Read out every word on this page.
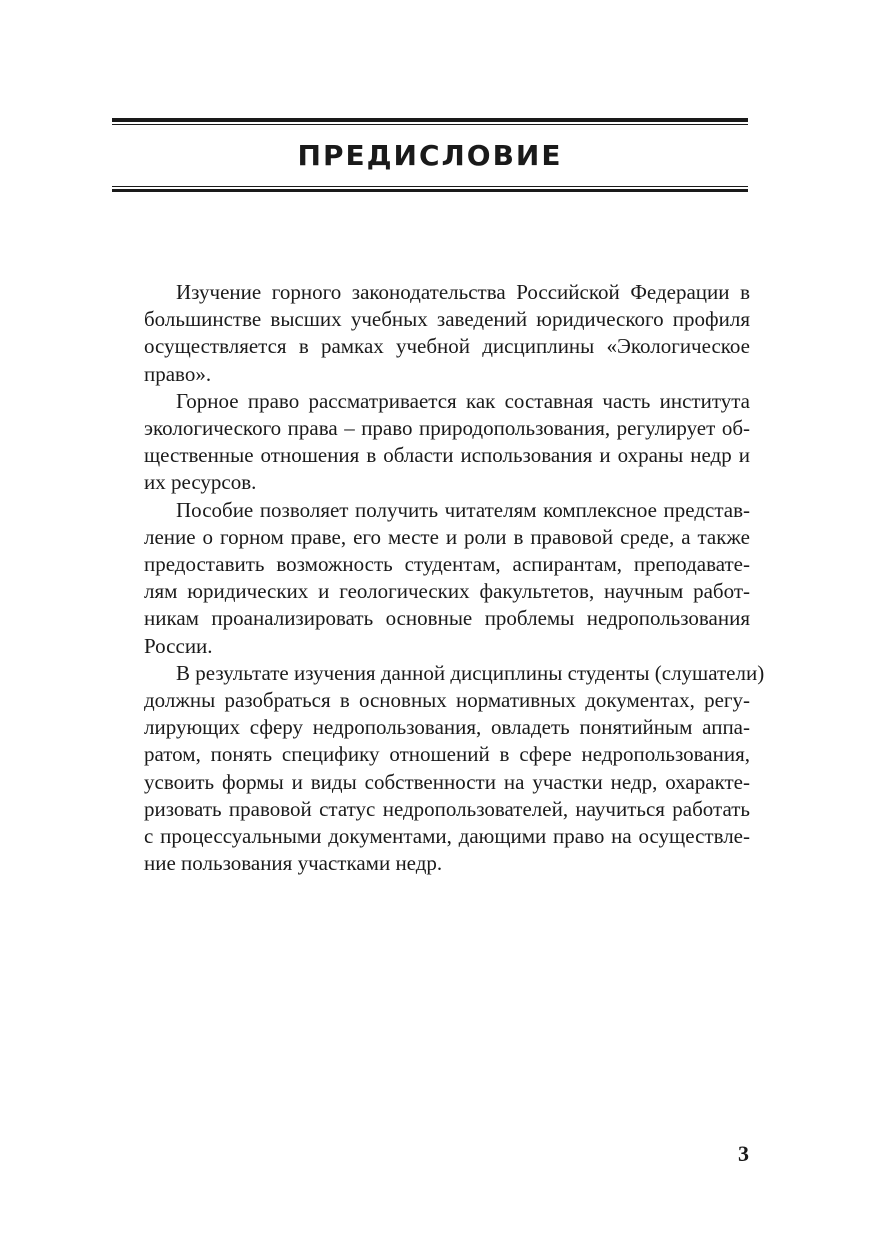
ПРЕДИСЛОВИЕ
Изучение горного законодательства Российской Федерации в
большинстве высших учебных заведений юридического профиля
осуществляется в рамках учебной дисциплины «Экологическое
право».
Горное право рассматривается как составная часть института
экологического права – право природопользования, регулирует об-
щественные отношения в области использования и охраны недр и
их ресурсов.
Пособие позволяет получить читателям комплексное представ-
ление о горном праве, его месте и роли в правовой среде, а также
предоставить возможность студентам, аспирантам, преподавате-
лям юридических и геологических факультетов, научным работ-
никам проанализировать основные проблемы недропользования
России.
В результате изучения данной дисциплины студенты (слушатели)
должны разобраться в основных нормативных документах, регу-
лирующих сферу недропользования, овладеть понятийным аппа-
ратом, понять специфику отношений в сфере недропользования,
усвоить формы и виды собственности на участки недр, охаракте-
ризовать правовой статус недропользователей, научиться работать
с процессуальными документами, дающими право на осуществле-
ние пользования участками недр.
3
